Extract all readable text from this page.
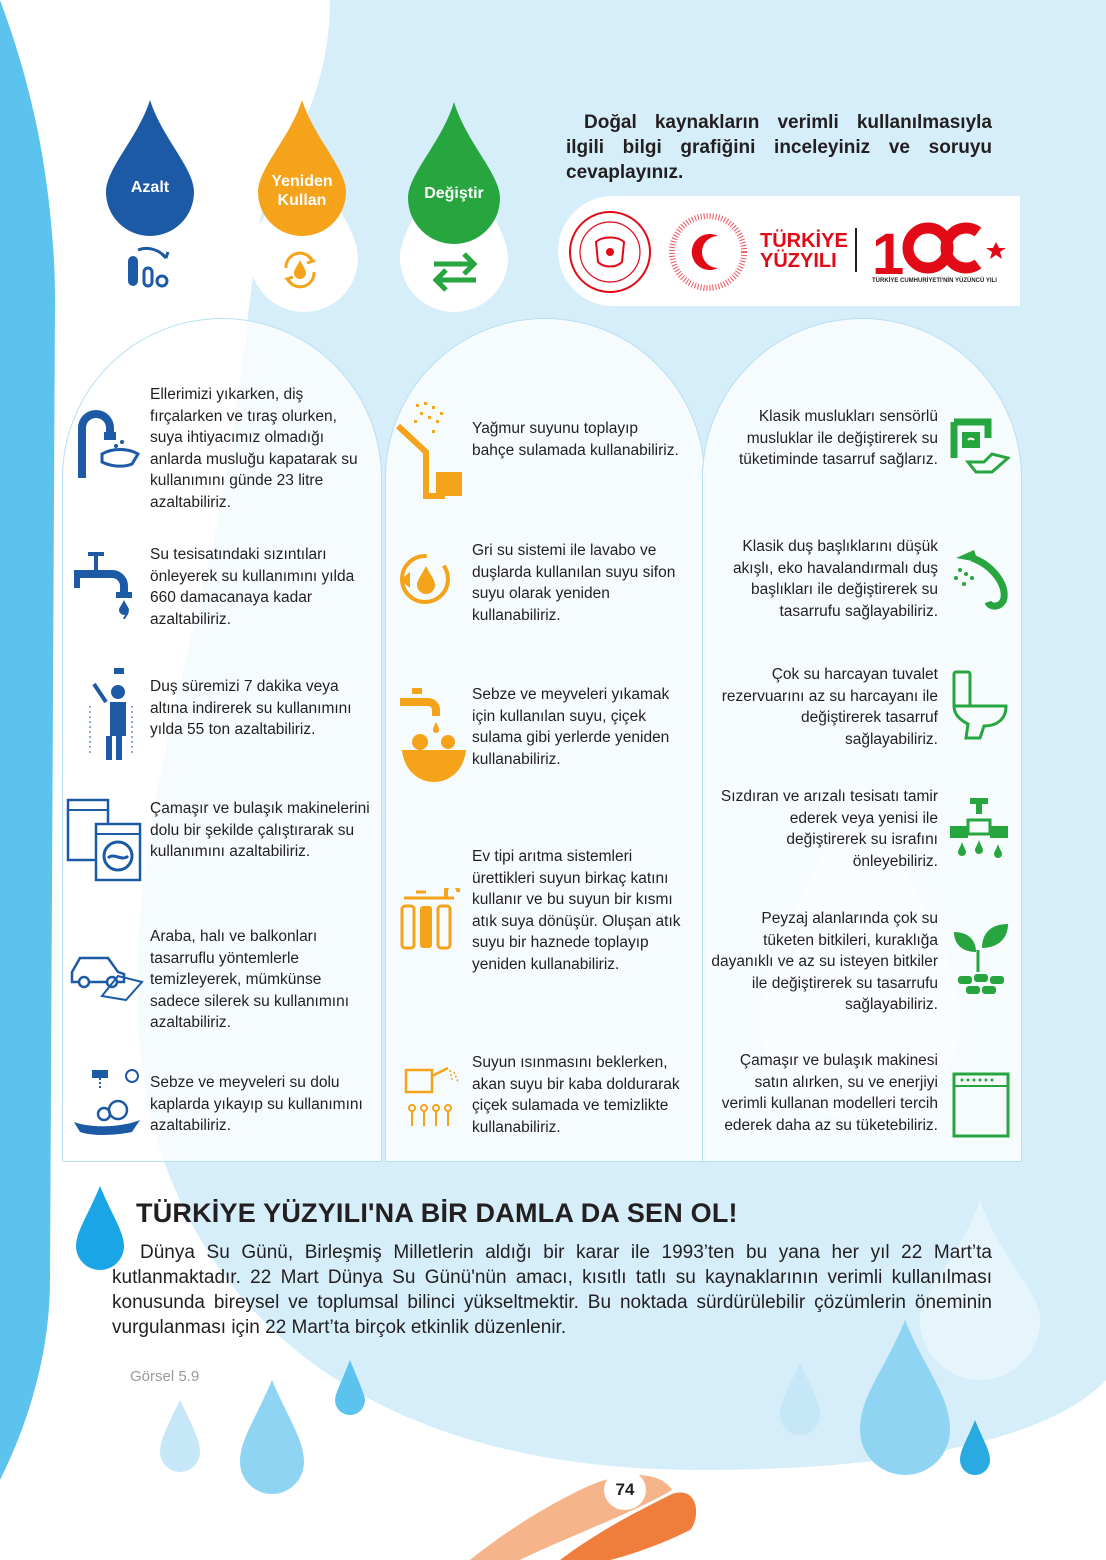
Azalt	Yeniden
Kullan	Değiştir
Doğal kaynakların verimli kullanılmasıyla ilgili bilgi grafiğini inceleyiniz ve soruyu cevaplayınız.
1
TÜRKİYE
YÜZYILI
TÜRKİYE CUMHURİYETİ'NİN YÜZÜNCÜ YILI
Ellerimizi yıkarken, diş fırçalarken ve tıraş olurken, suya ihtiyacımız olmadığı anlarda musluğu kapatarak su kullanımını günde 23 litre azaltabiliriz.
Su tesisatındaki sızıntıları önleyerek su kullanımını yılda 660 damacanaya kadar azaltabiliriz.
Duş süremizi 7 dakika veya altına indirerek su kullanımını yılda 55 ton azaltabiliriz.
Çamaşır ve bulaşık makinelerini dolu bir şekilde çalıştırarak su kullanımını azaltabiliriz.
Araba, halı ve balkonları tasarruflu yöntemlerle temizleyerek, mümkünse sadece silerek su kullanımını azaltabiliriz.
Sebze ve meyveleri su dolu kaplarda yıkayıp su kullanımını azaltabiliriz.
Yağmur suyunu toplayıp bahçe sulamada kullanabiliriz.
Gri su sistemi ile lavabo ve duşlarda kullanılan suyu sifon suyu olarak yeniden kullanabiliriz.
Sebze ve meyveleri yıkamak için kullanılan suyu, çiçek sulama gibi yerlerde yeniden kullanabiliriz.
Ev tipi arıtma sistemleri ürettikleri suyun birkaç katını kullanır ve bu suyun bir kısmı atık suya dönüşür. Oluşan atık suyu bir haznede toplayıp yeniden kullanabiliriz.
Suyun ısınmasını beklerken, akan suyu bir kaba doldurarak çiçek sulamada ve temizlikte kullanabiliriz.
Klasik muslukları sensörlü musluklar ile değiştirerek su tüketiminde tasarruf sağlarız.
Klasik duş başlıklarını düşük akışlı, eko havalandırmalı duş başlıkları ile değiştirerek su tasarrufu sağlayabiliriz.
Çok su harcayan tuvalet rezervuarını az su harcayanı ile değiştirerek tasarruf sağlayabiliriz.
Sızdıran ve arızalı tesisatı tamir ederek veya yenisi ile değiştirerek su israfını önleyebiliriz.
Peyzaj alanlarında çok su tüketen bitkileri, kuraklığa dayanıklı ve az su isteyen bitkiler ile değiştirerek su tasarrufu sağlayabiliriz.
Çamaşır ve bulaşık makinesi satın alırken, su ve enerjiyi verimli kullanan modelleri tercih ederek daha az su tüketebiliriz.
TÜRKİYE YÜZYILI'NA BİR DAMLA DA SEN OL!
Dünya Su Günü, Birleşmiş Milletlerin aldığı bir karar ile 1993’ten bu yana her yıl 22 Mart’ta kutlanmaktadır. 22 Mart Dünya Su Günü'nün amacı, kısıtlı tatlı su kaynaklarının verimli kullanılması konusunda bireysel ve toplumsal bilinci yükseltmektir. Bu noktada sürdürülebilir çözümlerin öneminin vurgulanması için 22 Mart’ta birçok etkinlik düzenlenir.
Görsel 5.9
74
